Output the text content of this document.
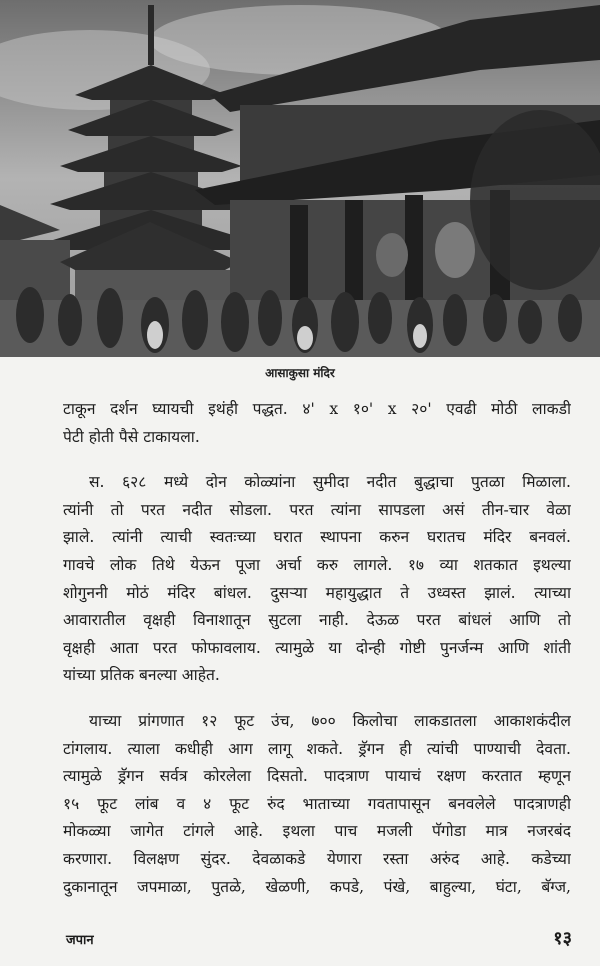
आसाकुसा मंदिर
टाकून दर्शन घ्यायची इथंही पद्धत. ४' x १०' x २०' एवढी मोठी लाकडी
पेटी होती पैसे टाकायला.
स. ६२८ मध्ये दोन कोळ्यांना सुमीदा नदीत बुद्धाचा पुतळा मिळाला.
त्यांनी तो परत नदीत सोडला. परत त्यांना सापडला असं तीन-चार वेळा
झाले. त्यांनी त्याची स्वतःच्या घरात स्थापना करुन घरातच मंदिर बनवलं.
गावचे लोक तिथे येऊन पूजा अर्चा करु लागले. १७ व्या शतकात इथल्या
शोगुननी मोठं मंदिर बांधल. दुसऱ्या महायुद्धात ते उध्वस्त झालं. त्याच्या
आवारातील वृक्षही विनाशातून सुटला नाही. देऊळ परत बांधलं आणि तो
वृक्षही आता परत फोफावलाय. त्यामुळे या दोन्ही गोष्टी पुनर्जन्म आणि शांती
यांच्या प्रतिक बनल्या आहेत.
याच्या प्रांगणात १२ फूट उंच, ७०० किलोचा लाकडातला आकाशकंदील
टांगलाय. त्याला कधीही आग लागू शकते. ड्रॅगन ही त्यांची पाण्याची देवता.
त्यामुळे ड्रॅगन सर्वत्र कोरलेला दिसतो. पादत्राण पायाचं रक्षण करतात म्हणून
१५ फूट लांब व ४ फूट रुंद भाताच्या गवतापासून बनवलेले पादत्राणही
मोकळ्या जागेत टांगले आहे. इथला पाच मजली पॅगोडा मात्र नजरबंद
करणारा. विलक्षण सुंदर. देवळाकडे येणारा रस्ता अरुंद आहे. कडेच्या
दुकानातून जपमाळा, पुतळे, खेळणी, कपडे, पंखे, बाहुल्या, घंटा, बॅग्ज,
जपान	१३
